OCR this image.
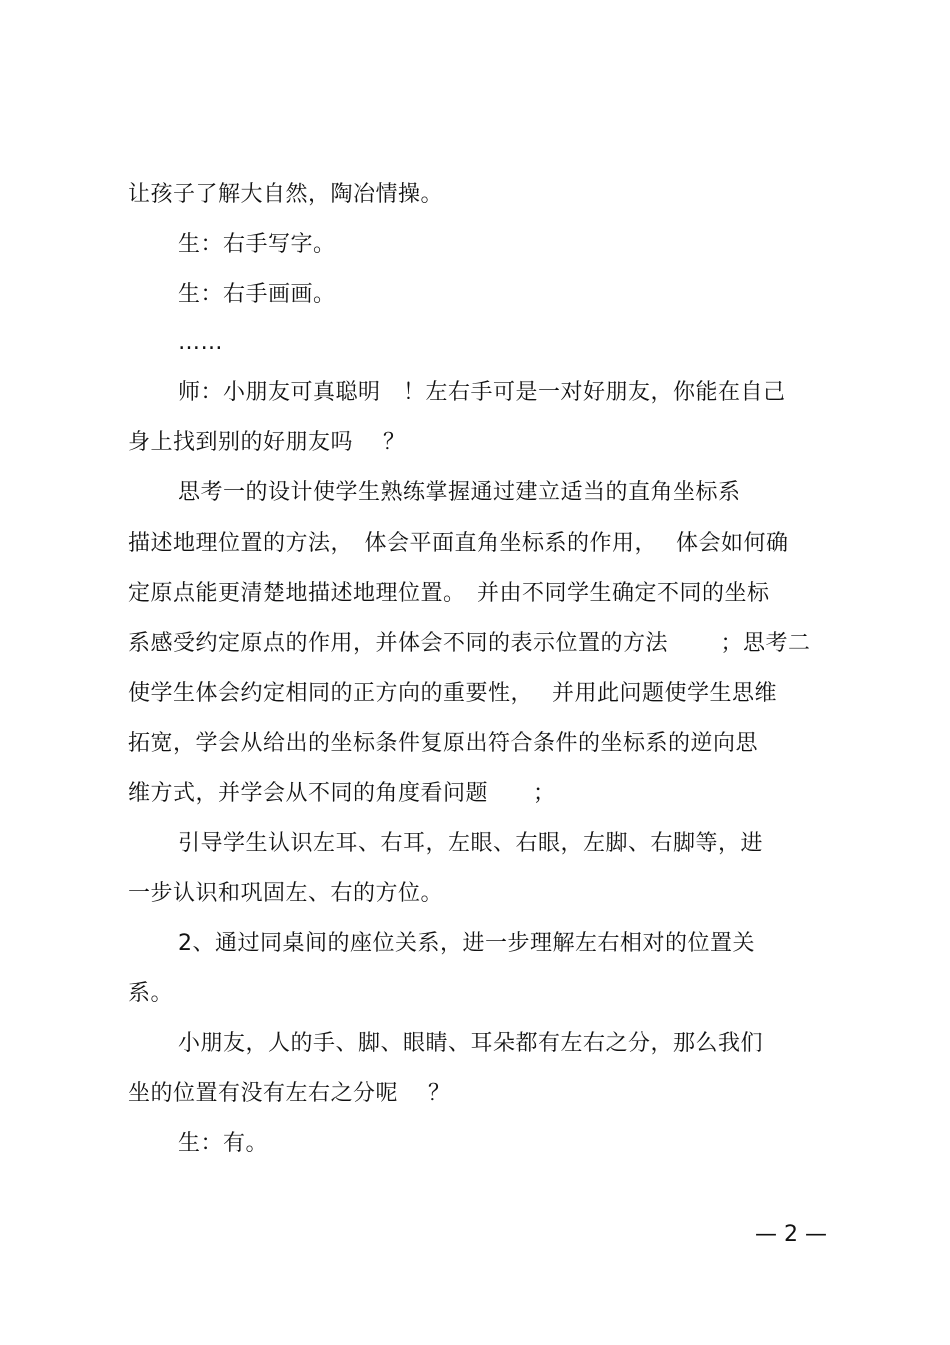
让孩子了解大自然，陶冶情操。
生：右手写字。
生：右手画画。
……
师：小朋友可真聪明　！左右手可是一对好朋友，你能在自己
身上找到别的好朋友吗　 ？
思考一的设计使学生熟练掌握通过建立适当的直角坐标系
描述地理位置的方法，　体会平面直角坐标系的作用，　 体会如何确
定原点能更清楚地描述地理位置。　并由不同学生确定不同的坐标
系感受约定原点的作用，并体会不同的表示位置的方法　　 ；思考二
使学生体会约定相同的正方向的重要性，　 并用此问题使学生思维
拓宽，学会从给出的坐标条件复原出符合条件的坐标系的逆向思
维方式，并学会从不同的角度看问题　　；
引导学生认识左耳、右耳，左眼、右眼，左脚、右脚等，进
一步认识和巩固左、右的方位。
2、通过同桌间的座位关系，进一步理解左右相对的位置关
系。
小朋友，人的手、脚、眼睛、耳朵都有左右之分，那么我们
坐的位置有没有左右之分呢　 ？
生：有。
— 2 —
